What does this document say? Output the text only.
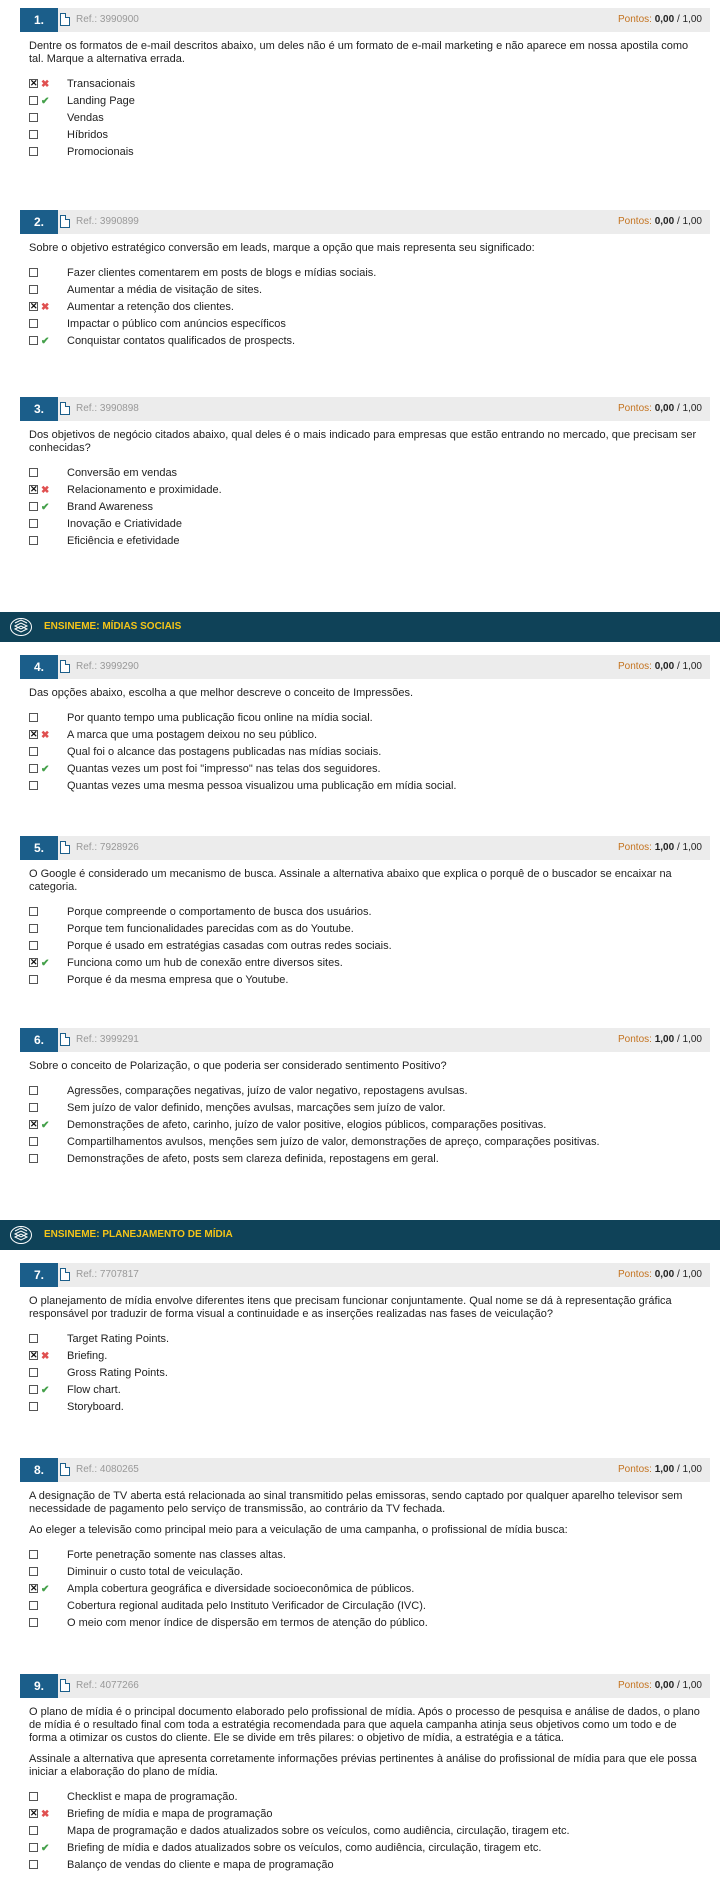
ENSINEME: MÍDIAS SOCIAIS
ENSINEME: PLANEJAMENTO DE MÍDIA
1.	Ref.: 3990900	Pontos: 0,00 / 1,00
Dentre os formatos de e-mail descritos abaixo, um deles não é um formato de e-mail marketing e não aparece em nossa apostila como tal. Marque a alternativa errada.
✕ ✖ Transacionais
✔ Landing Page
Vendas
Híbridos
Promocionais
2.	Ref.: 3990899	Pontos: 0,00 / 1,00
Sobre o objetivo estratégico conversão em leads, marque a opção que mais representa seu significado:
Fazer clientes comentarem em posts de blogs e mídias sociais.
Aumentar a média de visitação de sites.
✕ ✖ Aumentar a retenção dos clientes.
Impactar o público com anúncios específicos
✔ Conquistar contatos qualificados de prospects.
3.	Ref.: 3990898	Pontos: 0,00 / 1,00
Dos objetivos de negócio citados abaixo, qual deles é o mais indicado para empresas que estão entrando no mercado, que precisam ser conhecidas?
Conversão em vendas
✕ ✖ Relacionamento e proximidade.
✔ Brand Awareness
Inovação e Criatividade
Eficiência e efetividade
4.	Ref.: 3999290	Pontos: 0,00 / 1,00
Das opções abaixo, escolha a que melhor descreve o conceito de Impressões.
Por quanto tempo uma publicação ficou online na mídia social.
✕ ✖ A marca que uma postagem deixou no seu público.
Qual foi o alcance das postagens publicadas nas mídias sociais.
✔ Quantas vezes um post foi "impresso" nas telas dos seguidores.
Quantas vezes uma mesma pessoa visualizou uma publicação em mídia social.
5.	Ref.: 7928926	Pontos: 1,00 / 1,00
O Google é considerado um mecanismo de busca. Assinale a alternativa abaixo que explica o porquê de o buscador se encaixar na categoria.
Porque compreende o comportamento de busca dos usuários.
Porque tem funcionalidades parecidas com as do Youtube.
Porque é usado em estratégias casadas com outras redes sociais.
✕ ✔ Funciona como um hub de conexão entre diversos sites.
Porque é da mesma empresa que o Youtube.
6.	Ref.: 3999291	Pontos: 1,00 / 1,00
Sobre o conceito de Polarização, o que poderia ser considerado sentimento Positivo?
Agressões, comparações negativas, juízo de valor negativo, repostagens avulsas.
Sem juízo de valor definido, menções avulsas, marcações sem juízo de valor.
✕ ✔ Demonstrações de afeto, carinho, juízo de valor positive, elogios públicos, comparações positivas.
Compartilhamentos avulsos, menções sem juízo de valor, demonstrações de apreço, comparações positivas.
Demonstrações de afeto, posts sem clareza definida, repostagens em geral.
7.	Ref.: 7707817	Pontos: 0,00 / 1,00
O planejamento de mídia envolve diferentes itens que precisam funcionar conjuntamente. Qual nome se dá à representação gráfica responsável por traduzir de forma visual a continuidade e as inserções realizadas nas fases de veiculação?
Target Rating Points.
✕ ✖ Briefing.
Gross Rating Points.
✔ Flow chart.
Storyboard.
8.	Ref.: 4080265	Pontos: 1,00 / 1,00
A designação de TV aberta está relacionada ao sinal transmitido pelas emissoras, sendo captado por qualquer aparelho televisor sem necessidade de pagamento pelo serviço de transmissão, ao contrário da TV fechada.
Ao eleger a televisão como principal meio para a veiculação de uma campanha, o profissional de mídia busca:
Forte penetração somente nas classes altas.
Diminuir o custo total de veiculação.
✕ ✔ Ampla cobertura geográfica e diversidade socioeconômica de públicos.
Cobertura regional auditada pelo Instituto Verificador de Circulação (IVC).
O meio com menor índice de dispersão em termos de atenção do público.
9.	Ref.: 4077266	Pontos: 0,00 / 1,00
O plano de mídia é o principal documento elaborado pelo profissional de mídia. Após o processo de pesquisa e análise de dados, o plano de mídia é o resultado final com toda a estratégia recomendada para que aquela campanha atinja seus objetivos como um todo e de forma a otimizar os custos do cliente. Ele se divide em três pilares: o objetivo de mídia, a estratégia e a tática.
Assinale a alternativa que apresenta corretamente informações prévias pertinentes à análise do profissional de mídia para que ele possa iniciar a elaboração do plano de mídia.
Checklist e mapa de programação.
✕ ✖ Briefing de mídia e mapa de programação
Mapa de programação e dados atualizados sobre os veículos, como audiência, circulação, tiragem etc.
✔ Briefing de mídia e dados atualizados sobre os veículos, como audiência, circulação, tiragem etc.
Balanço de vendas do cliente e mapa de programação
